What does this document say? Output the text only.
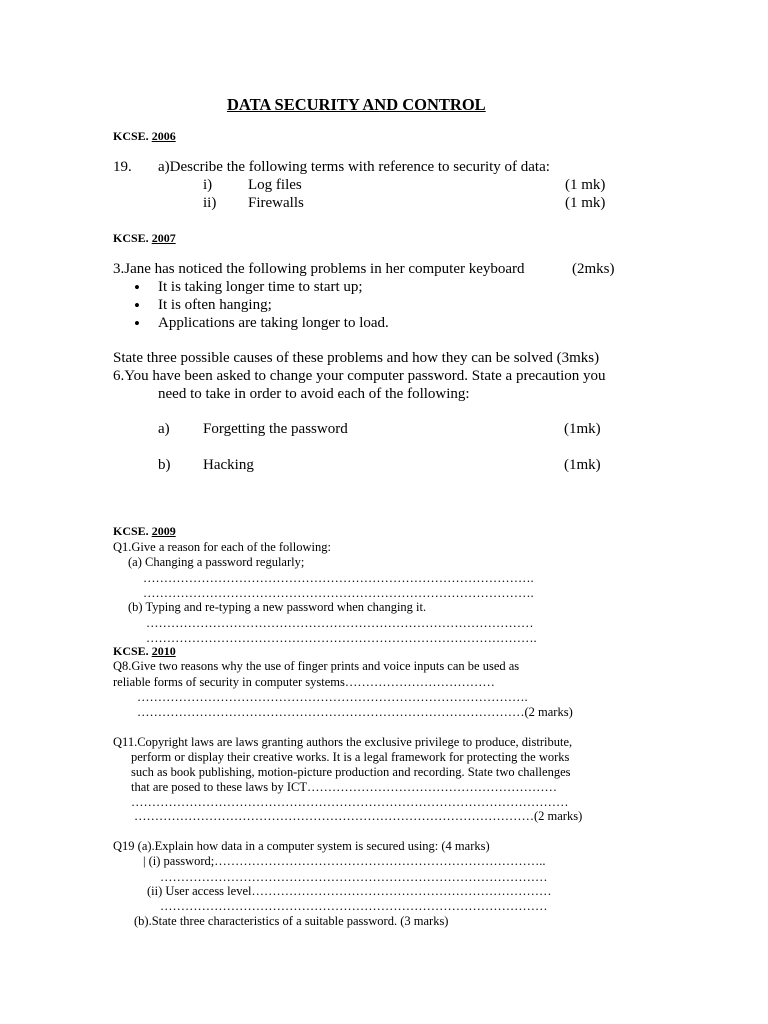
DATA SECURITY AND CONTROL
KCSE. 2006
19. a)Describe the following terms with reference to security of data:
i) Log files	(1 mk)
ii) Firewalls	(1 mk)
KCSE. 2007
3.Jane has noticed the following problems in her computer keyboard	(2mks)
• It is taking longer time to start up;
• It is often hanging;
• Applications are taking longer to load.
State three possible causes of these problems and how they can be solved (3mks)
6.You have been asked to change your computer password. State a precaution you
need to take in order to avoid each of the following:
a) Forgetting the password	(1mk)
b) Hacking	(1mk)
KCSE. 2009
Q1.Give a reason for each of the following:
(a) Changing a password regularly;
………………………………………………………………………………….
………………………………………………………………………………….
(b) Typing and re-typing a new password when changing it.
…………………………………………………………………………………
………………………………………………………………………………….
KCSE. 2010
Q8.Give two reasons why the use of finger prints and voice inputs can be used as
reliable forms of security in computer systems………………………………
………………………………………………………………………………….
…………………………………………………………………………………(2 marks)
Q11.Copyright laws are laws granting authors the exclusive privilege to produce, distribute,
perform or display their creative works. It is a legal framework for protecting the works
such as book publishing, motion-picture production and recording. State two challenges
that are posed to these laws by ICT……………………………………………………
……………………………………………………………………………………………
……………………………………………………………………………………(2 marks)
Q19 (a).Explain how data in a computer system is secured using: (4 marks)
| (i) password;……………………………………………………………………..
…………………………………………………………………………………
(ii) User access level………………………………………………………………
…………………………………………………………………………………
(b).State three characteristics of a suitable password. (3 marks)
